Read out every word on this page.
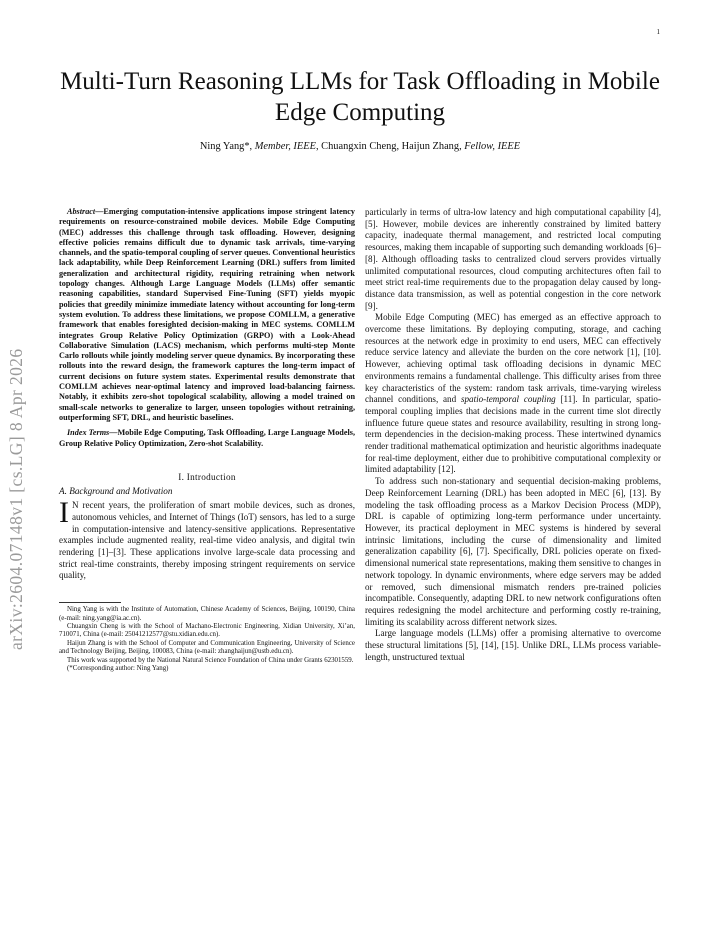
1
arXiv:2604.07148v1 [cs.LG] 8 Apr 2026
Multi-Turn Reasoning LLMs for Task Offloading in Mobile Edge Computing
Ning Yang*, Member, IEEE, Chuangxin Cheng, Haijun Zhang, Fellow, IEEE

Abstract—Emerging computation-intensive applications impose stringent latency requirements on resource-constrained mobile devices. Mobile Edge Computing (MEC) addresses this challenge through task offloading. However, designing effective policies remains difficult due to dynamic task arrivals, time-varying channels, and the spatio-temporal coupling of server queues. Conventional heuristics lack adaptability, while Deep Reinforcement Learning (DRL) suffers from limited generalization and architectural rigidity, requiring retraining when network topology changes. Although Large Language Models (LLMs) offer semantic reasoning capabilities, standard Supervised Fine-Tuning (SFT) yields myopic policies that greedily minimize immediate latency without accounting for long-term system evolution. To address these limitations, we propose COMLLM, a generative framework that enables foresighted decision-making in MEC systems. COMLLM integrates Group Relative Policy Optimization (GRPO) with a Look-Ahead Collaborative Simulation (LACS) mechanism, which performs multi-step Monte Carlo rollouts while jointly modeling server queue dynamics. By incorporating these rollouts into the reward design, the framework captures the long-term impact of current decisions on future system states. Experimental results demonstrate that COMLLM achieves near-optimal latency and improved load-balancing fairness. Notably, it exhibits zero-shot topological scalability, allowing a model trained on small-scale networks to generalize to larger, unseen topologies without retraining, outperforming SFT, DRL, and heuristic baselines.

Index Terms—Mobile Edge Computing, Task Offloading, Large Language Models, Group Relative Policy Optimization, Zero-shot Scalability.

I. Introduction

A. Background and Motivation

I N recent years, the proliferation of smart mobile devices, such as drones, autonomous vehicles, and Internet of Things (IoT) sensors, has led to a surge in computation-intensive and latency-sensitive applications. Representative examples include augmented reality, real-time video analysis, and digital twin rendering [1]–[3]. These applications involve large-scale data processing and strict real-time constraints, thereby imposing stringent requirements on service quality,

Ning Yang is with the Institute of Automation, Chinese Academy of Sciences, Beijing, 100190, China (e-mail: ning.yang@ia.ac.cn).

Chuangxin Cheng is with the School of Machano-Electronic Engineering, Xidian University, Xi’an, 710071, China (e-mail: 25041212577@stu.xidian.edu.cn).

Haijun Zhang is with the School of Computer and Communication Engineering, University of Science and Technology Beijing, Beijing, 100083, China (e-mail: zhanghaijun@ustb.edu.cn).

This work was supported by the National Natural Science Foundation of China under Grants 62301559.

(*Corresponding author: Ning Yang)

particularly in terms of ultra-low latency and high computational capability [4], [5]. However, mobile devices are inherently constrained by limited battery capacity, inadequate thermal management, and restricted local computing resources, making them incapable of supporting such demanding workloads [6]–[8]. Although offloading tasks to centralized cloud servers provides virtually unlimited computational resources, cloud computing architectures often fail to meet strict real-time requirements due to the propagation delay caused by long-distance data transmission, as well as potential congestion in the core network [9].

Mobile Edge Computing (MEC) has emerged as an effective approach to overcome these limitations. By deploying computing, storage, and caching resources at the network edge in proximity to end users, MEC can effectively reduce service latency and alleviate the burden on the core network [1], [10]. However, achieving optimal task offloading decisions in dynamic MEC environments remains a fundamental challenge. This difficulty arises from three key characteristics of the system: random task arrivals, time-varying wireless channel conditions, and spatio-temporal coupling [11]. In particular, spatio-temporal coupling implies that decisions made in the current time slot directly influence future queue states and resource availability, resulting in strong long-term dependencies in the decision-making process. These intertwined dynamics render traditional mathematical optimization and heuristic algorithms inadequate for real-time deployment, either due to prohibitive computational complexity or limited adaptability [12].

To address such non-stationary and sequential decision-making problems, Deep Reinforcement Learning (DRL) has been adopted in MEC [6], [13]. By modeling the task offloading process as a Markov Decision Process (MDP), DRL is capable of optimizing long-term performance under uncertainty. However, its practical deployment in MEC systems is hindered by several intrinsic limitations, including the curse of dimensionality and limited generalization capability [6], [7]. Specifically, DRL policies operate on fixed-dimensional numerical state representations, making them sensitive to changes in network topology. In dynamic environments, where edge servers may be added or removed, such dimensional mismatch renders pre-trained policies incompatible. Consequently, adapting DRL to new network configurations often requires redesigning the model architecture and performing costly re-training, limiting its scalability across different network sizes.

Large language models (LLMs) offer a promising alternative to overcome these structural limitations [5], [14], [15]. Unlike DRL, LLMs process variable-length, unstructured textual
